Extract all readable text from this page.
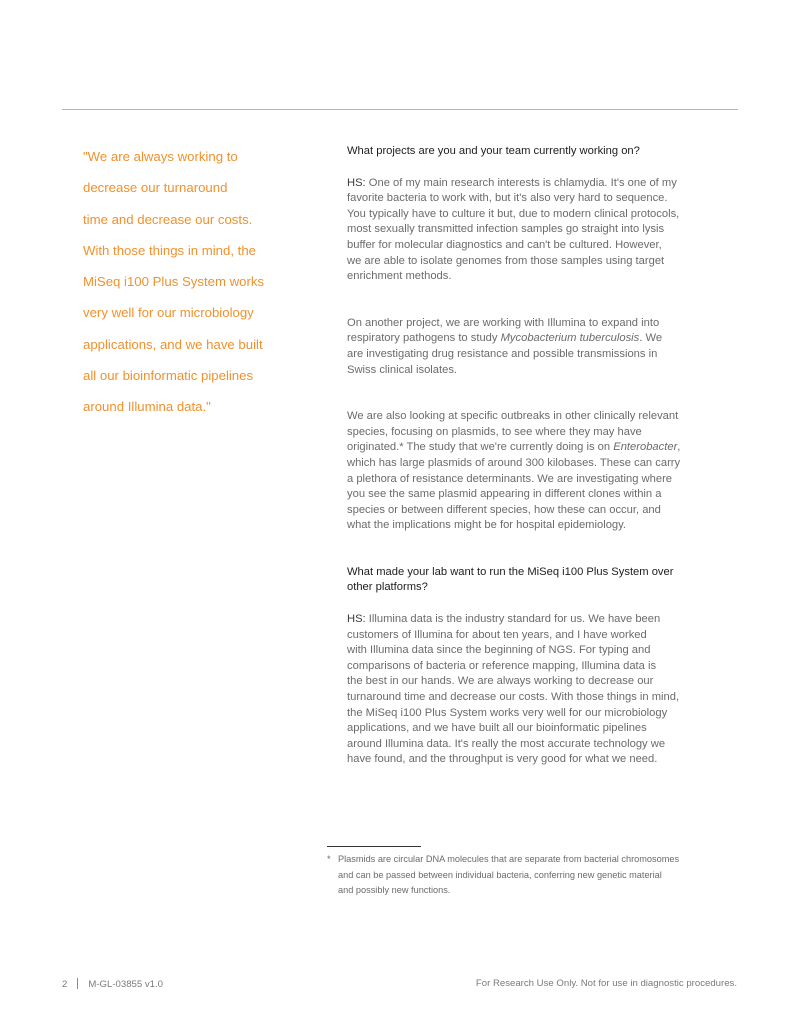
"We are always working to
decrease our turnaround
time and decrease our costs.
With those things in mind, the
MiSeq i100 Plus System works
very well for our microbiology
applications, and we have built
all our bioinformatic pipelines
around Illumina data."

What projects are you and your team currently working on?

HS: One of my main research interests is chlamydia. It's one of my
favorite bacteria to work with, but it's also very hard to sequence.
You typically have to culture it but, due to modern clinical protocols,
most sexually transmitted infection samples go straight into lysis
buffer for molecular diagnostics and can't be cultured. However,
we are able to isolate genomes from those samples using target
enrichment methods.

On another project, we are working with Illumina to expand into
respiratory pathogens to study Mycobacterium tuberculosis. We
are investigating drug resistance and possible transmissions in
Swiss clinical isolates.

We are also looking at specific outbreaks in other clinically relevant
species, focusing on plasmids, to see where they may have
originated.* The study that we're currently doing is on Enterobacter,
which has large plasmids of around 300 kilobases. These can carry
a plethora of resistance determinants. We are investigating where
you see the same plasmid appearing in different clones within a
species or between different species, how these can occur, and
what the implications might be for hospital epidemiology.

What made your lab want to run the MiSeq i100 Plus System over
other platforms?

HS: Illumina data is the industry standard for us. We have been
customers of Illumina for about ten years, and I have worked
with Illumina data since the beginning of NGS. For typing and
comparisons of bacteria or reference mapping, Illumina data is
the best in our hands. We are always working to decrease our
turnaround time and decrease our costs. With those things in mind,
the MiSeq i100 Plus System works very well for our microbiology
applications, and we have built all our bioinformatic pipelines
around Illumina data. It's really the most accurate technology we
have found, and the throughput is very good for what we need.

* Plasmids are circular DNA molecules that are separate from bacterial chromosomes
and can be passed between individual bacteria, conferring new genetic material
and possibly new functions.
2 M-GL-03855 v1.0	For Research Use Only. Not for use in diagnostic procedures.
